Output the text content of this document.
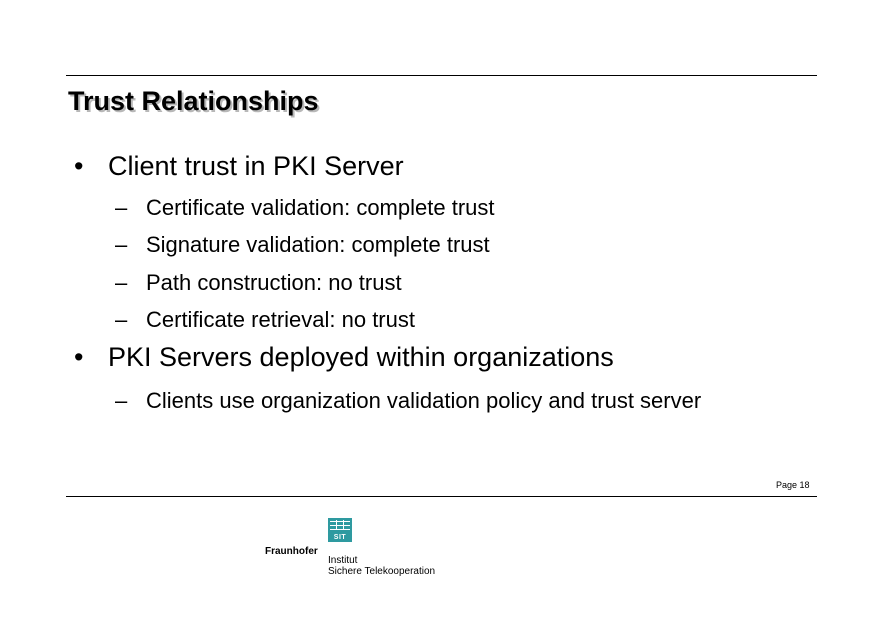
Trust Relationships
• Client trust in PKI Server
– Certificate validation: complete trust
– Signature validation: complete trust
– Path construction: no trust
– Certificate retrieval: no trust
• PKI Servers deployed within organizations
– Clients use organization validation policy and trust server
Page 18
SIT
Fraunhofer
Institut
Sichere Telekooperation
